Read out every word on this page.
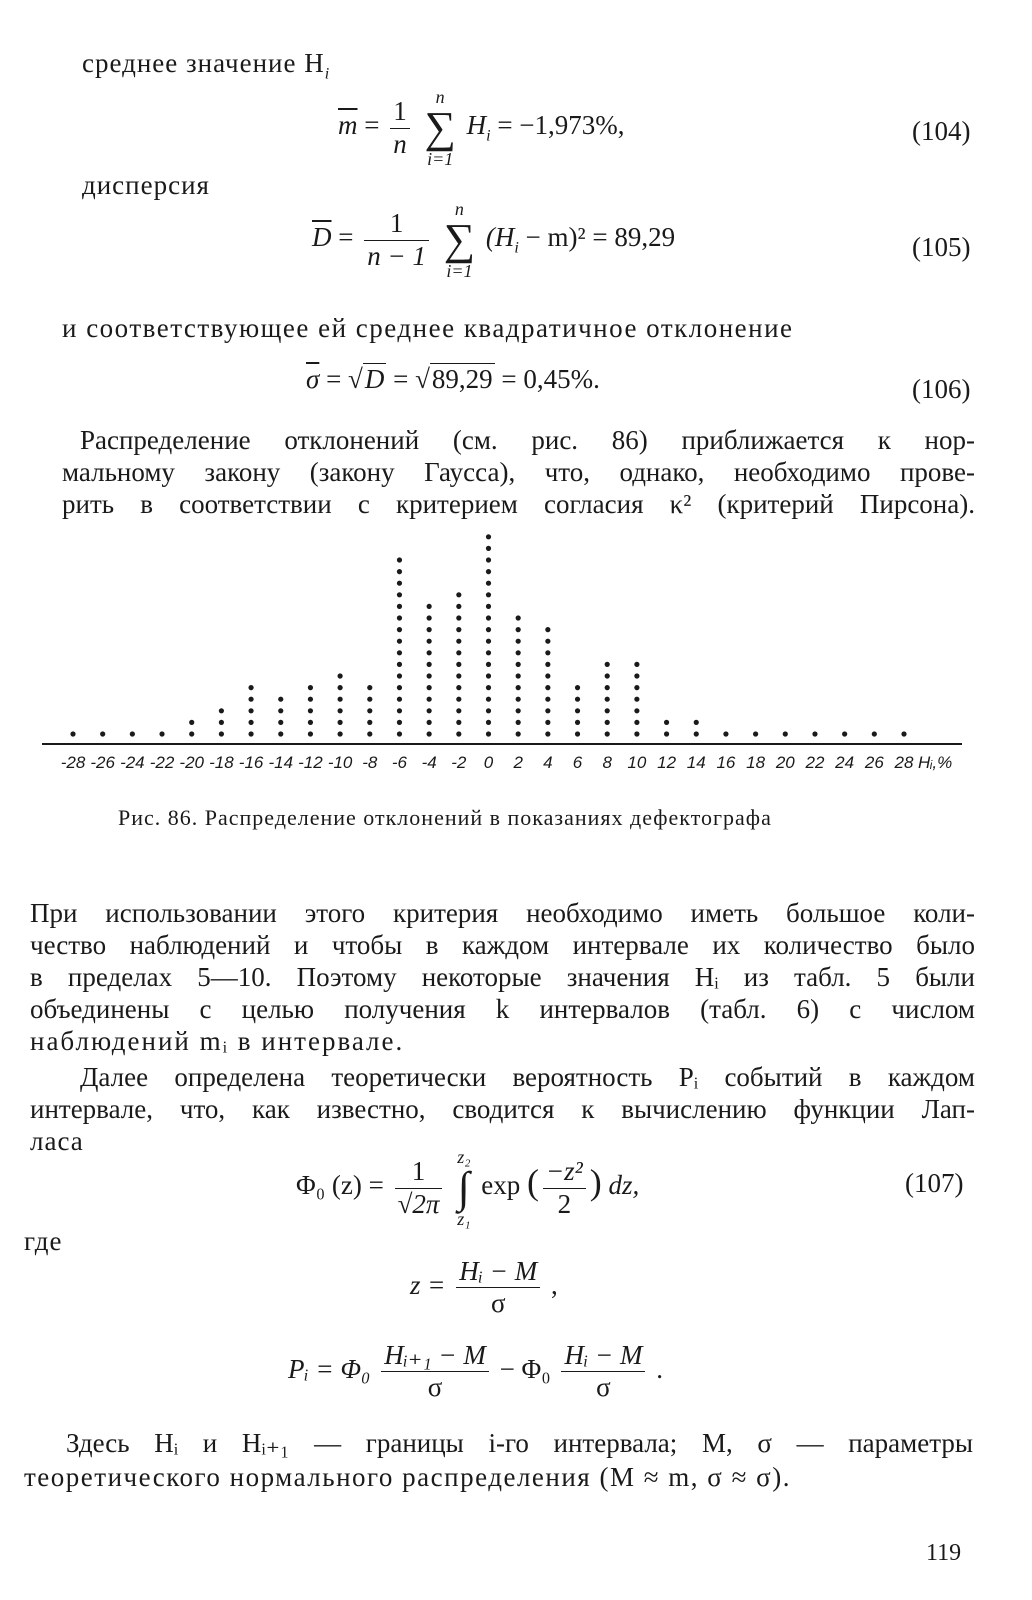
среднее значение $H_i$
$\overline{m} = \frac{1}{n}$
	n
∑
i=1
$H_i = -1,973\%$,	(104)
дисперсия
$\overline{D} = \frac{1}{n - 1}$
	n
∑
i=1
$(H_i - m)^2 = 89,29$	(105)
и соответствующее ей среднее квадратичное отклонение
$\overline{\sigma} = √D = √89,29 = 0,45\%$.	(106)
Распределение отклонений (см. рис. 86) приближается к нор-
мальному закону (закону Гаусса), что, однако, необходимо прове-
рить в соответствии с критерием согласия κ² (критерий Пирсона).
-28 -26 -24 -22 -20 -18 -16 -14 -12 -10 -8 -6 -4 -2 0 2 4 6 8 10 12 14 16 18 20 22 24 26 28 Hᵢ,%
Рис. 86. Распределение отклонений в показаниях дефектографа
При использовании этого критерия необходимо иметь большое коли-
чество наблюдений и чтобы в каждом интервале их количество было
в пределах 5—10. Поэтому некоторые значения Hᵢ из табл. 5 были
объединены с целью получения k интервалов (табл. 6) с числом
наблюдений mᵢ в интервале.
Далее определена теоретически вероятность Pᵢ событий в каждом
интервале, что, как известно, сводится к вычислению функции Лап-
ласа
Φ₀ $(z) = \frac{1}{√2\pi}$
z₂
∫
z₁
exp ( $\frac{\text{−z²}}{2}$ ) dz,	(107)
где
$z = \frac{\text{Hᵢ − M}}{\sigma}$ ,
Pᵢ = $\Phi_0 \frac{\text{Hᵢ₊₁ − M}}{\sigma} - \Phi_0 \frac{\text{Hᵢ − M}}{\sigma}$ .
Здесь Hᵢ и Hᵢ₊₁ — границы i-го интервала; M, σ — параметры
теоретического нормального распределения (M ≈ m, σ ≈ σ).
119
